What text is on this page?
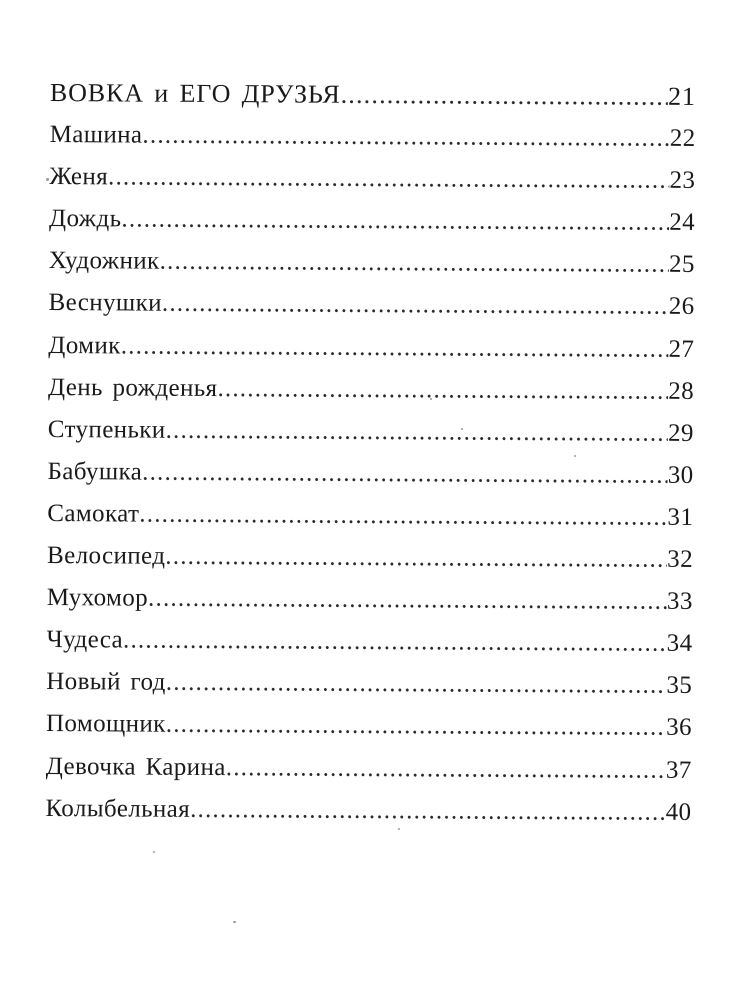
ВОВКА и ЕГО ДРУЗЬЯ .....	21
Машина .....	22
Женя .....	23
Дождь .....	24
Художник .....	25
Веснушки .....	26
Домик .....	27
День рожденья .....	28
Ступеньки .....	29
Бабушка .....	30
Самокат .....	31
Велосипед .....	32
Мухомор .....	33
Чудеса .....	34
Новый год .....	35
Помощник .....	36
Девочка Карина .....	37
Колыбельная .....	40
